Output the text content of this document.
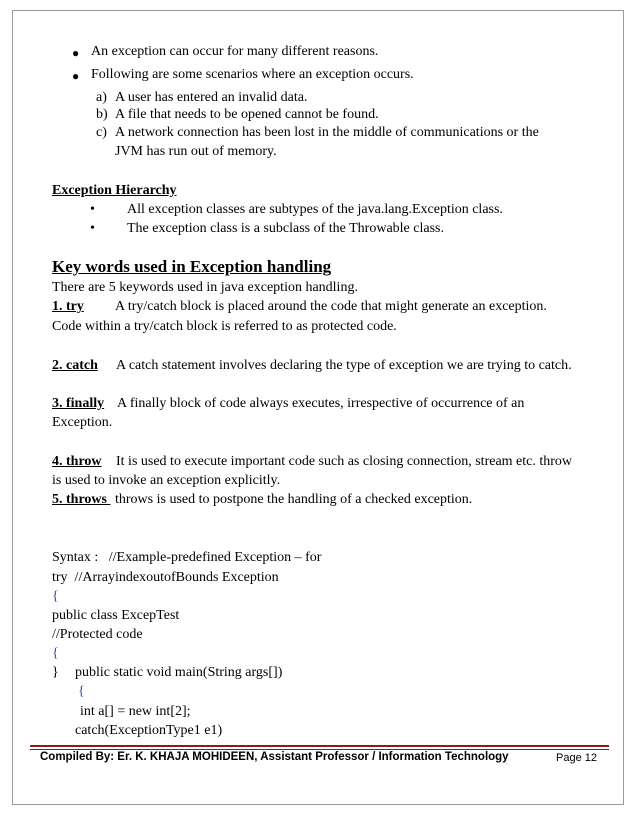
● An exception can occur for many different reasons.
● Following are some scenarios where an exception occurs.
a) A user has entered an invalid data.
b) A file that needs to be opened cannot be found.
c) A network connection has been lost in the middle of communications or the
JVM has run out of memory.
Exception Hierarchy
• All exception classes are subtypes of the java.lang.Exception class.
• The exception class is a subclass of the Throwable class.
Key words used in Exception handling
There are 5 keywords used in java exception handling.
1. try A try/catch block is placed around the code that might generate an exception.
Code within a try/catch block is referred to as protected code.
2. catch A catch statement involves declaring the type of exception we are trying to catch.
3. finally A finally block of code always executes, irrespective of occurrence of an
Exception.
4. throw It is used to execute important code such as closing connection, stream etc. throw
is used to invoke an exception explicitly.
5. throws throws is used to postpone the handling of a checked exception.
Syntax :   //Example-predefined Exception – for
try  //ArrayindexoutofBounds Exception
{
public class ExcepTest
//Protected code
{
} public static void main(String args[])
{
int a[] = new int[2];
catch(ExceptionType1 e1)
Compiled By: Er. K. KHAJA MOHIDEEN, Assistant Professor / Information Technology	Page 12
